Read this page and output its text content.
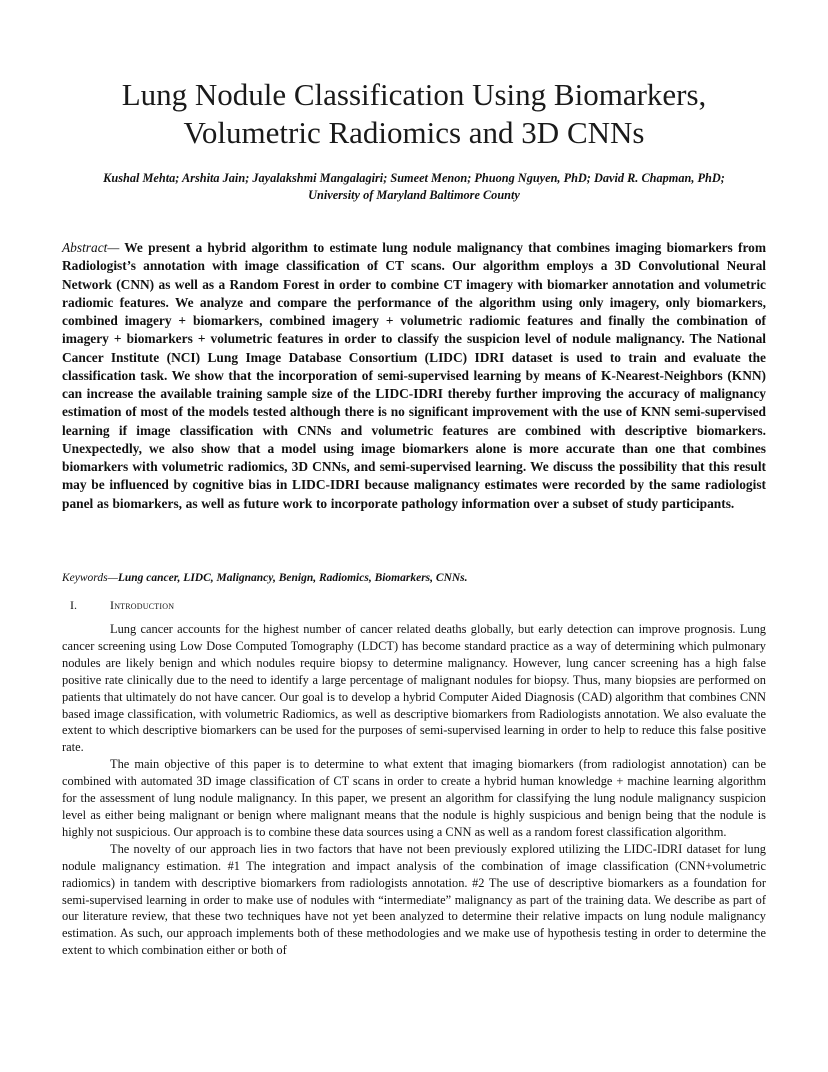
Lung Nodule Classification Using Biomarkers,
Volumetric Radiomics and 3D CNNs
Kushal Mehta; Arshita Jain; Jayalakshmi Mangalagiri; Sumeet Menon; Phuong Nguyen, PhD; David R. Chapman, PhD;
University of Maryland Baltimore County
Abstract— We present a hybrid algorithm to estimate lung nodule malignancy that combines imaging biomarkers from Radiologist’s annotation with image classification of CT scans. Our algorithm employs a 3D Convolutional Neural Network (CNN) as well as a Random Forest in order to combine CT imagery with biomarker annotation and volumetric radiomic features. We analyze and compare the performance of the algorithm using only imagery, only biomarkers, combined imagery + biomarkers, combined imagery + volumetric radiomic features and finally the combination of imagery + biomarkers + volumetric features in order to classify the suspicion level of nodule malignancy. The National Cancer Institute (NCI) Lung Image Database Consortium (LIDC) IDRI dataset is used to train and evaluate the classification task. We show that the incorporation of semi-supervised learning by means of K-Nearest-Neighbors (KNN) can increase the available training sample size of the LIDC-IDRI thereby further improving the accuracy of malignancy estimation of most of the models tested although there is no significant improvement with the use of KNN semi-supervised learning if image classification with CNNs and volumetric features are combined with descriptive biomarkers. Unexpectedly, we also show that a model using image biomarkers alone is more accurate than one that combines biomarkers with volumetric radiomics, 3D CNNs, and semi-supervised learning. We discuss the possibility that this result may be influenced by cognitive bias in LIDC-IDRI because malignancy estimates were recorded by the same radiologist panel as biomarkers, as well as future work to incorporate pathology information over a subset of study participants.
Keywords—Lung cancer, LIDC, Malignancy, Benign, Radiomics, Biomarkers, CNNs.
I.	Introduction

Lung cancer accounts for the highest number of cancer related deaths globally, but early detection can improve prognosis. Lung cancer screening using Low Dose Computed Tomography (LDCT) has become standard practice as a way of determining which pulmonary nodules are likely benign and which nodules require biopsy to determine malignancy. However, lung cancer screening has a high false positive rate clinically due to the need to identify a large percentage of malignant nodules for biopsy. Thus, many biopsies are performed on patients that ultimately do not have cancer. Our goal is to develop a hybrid Computer Aided Diagnosis (CAD) algorithm that combines CNN based image classification, with volumetric Radiomics, as well as descriptive biomarkers from Radiologists annotation. We also evaluate the extent to which descriptive biomarkers can be used for the purposes of semi-supervised learning in order to help to reduce this false positive rate.

The main objective of this paper is to determine to what extent that imaging biomarkers (from radiologist annotation) can be combined with automated 3D image classification of CT scans in order to create a hybrid human knowledge + machine learning algorithm for the assessment of lung nodule malignancy. In this paper, we present an algorithm for classifying the lung nodule malignancy suspicion level as either being malignant or benign where malignant means that the nodule is highly suspicious and benign being that the nodule is highly not suspicious. Our approach is to combine these data sources using a CNN as well as a random forest classification algorithm.

The novelty of our approach lies in two factors that have not been previously explored utilizing the LIDC-IDRI dataset for lung nodule malignancy estimation. #1 The integration and impact analysis of the combination of image classification (CNN+volumetric radiomics) in tandem with descriptive biomarkers from radiologists annotation. #2 The use of descriptive biomarkers as a foundation for semi-supervised learning in order to make use of nodules with “intermediate” malignancy as part of the training data. We describe as part of our literature review, that these two techniques have not yet been analyzed to determine their relative impacts on lung nodule malignancy estimation. As such, our approach implements both of these methodologies and we make use of hypothesis testing in order to determine the extent to which combination either or both of
